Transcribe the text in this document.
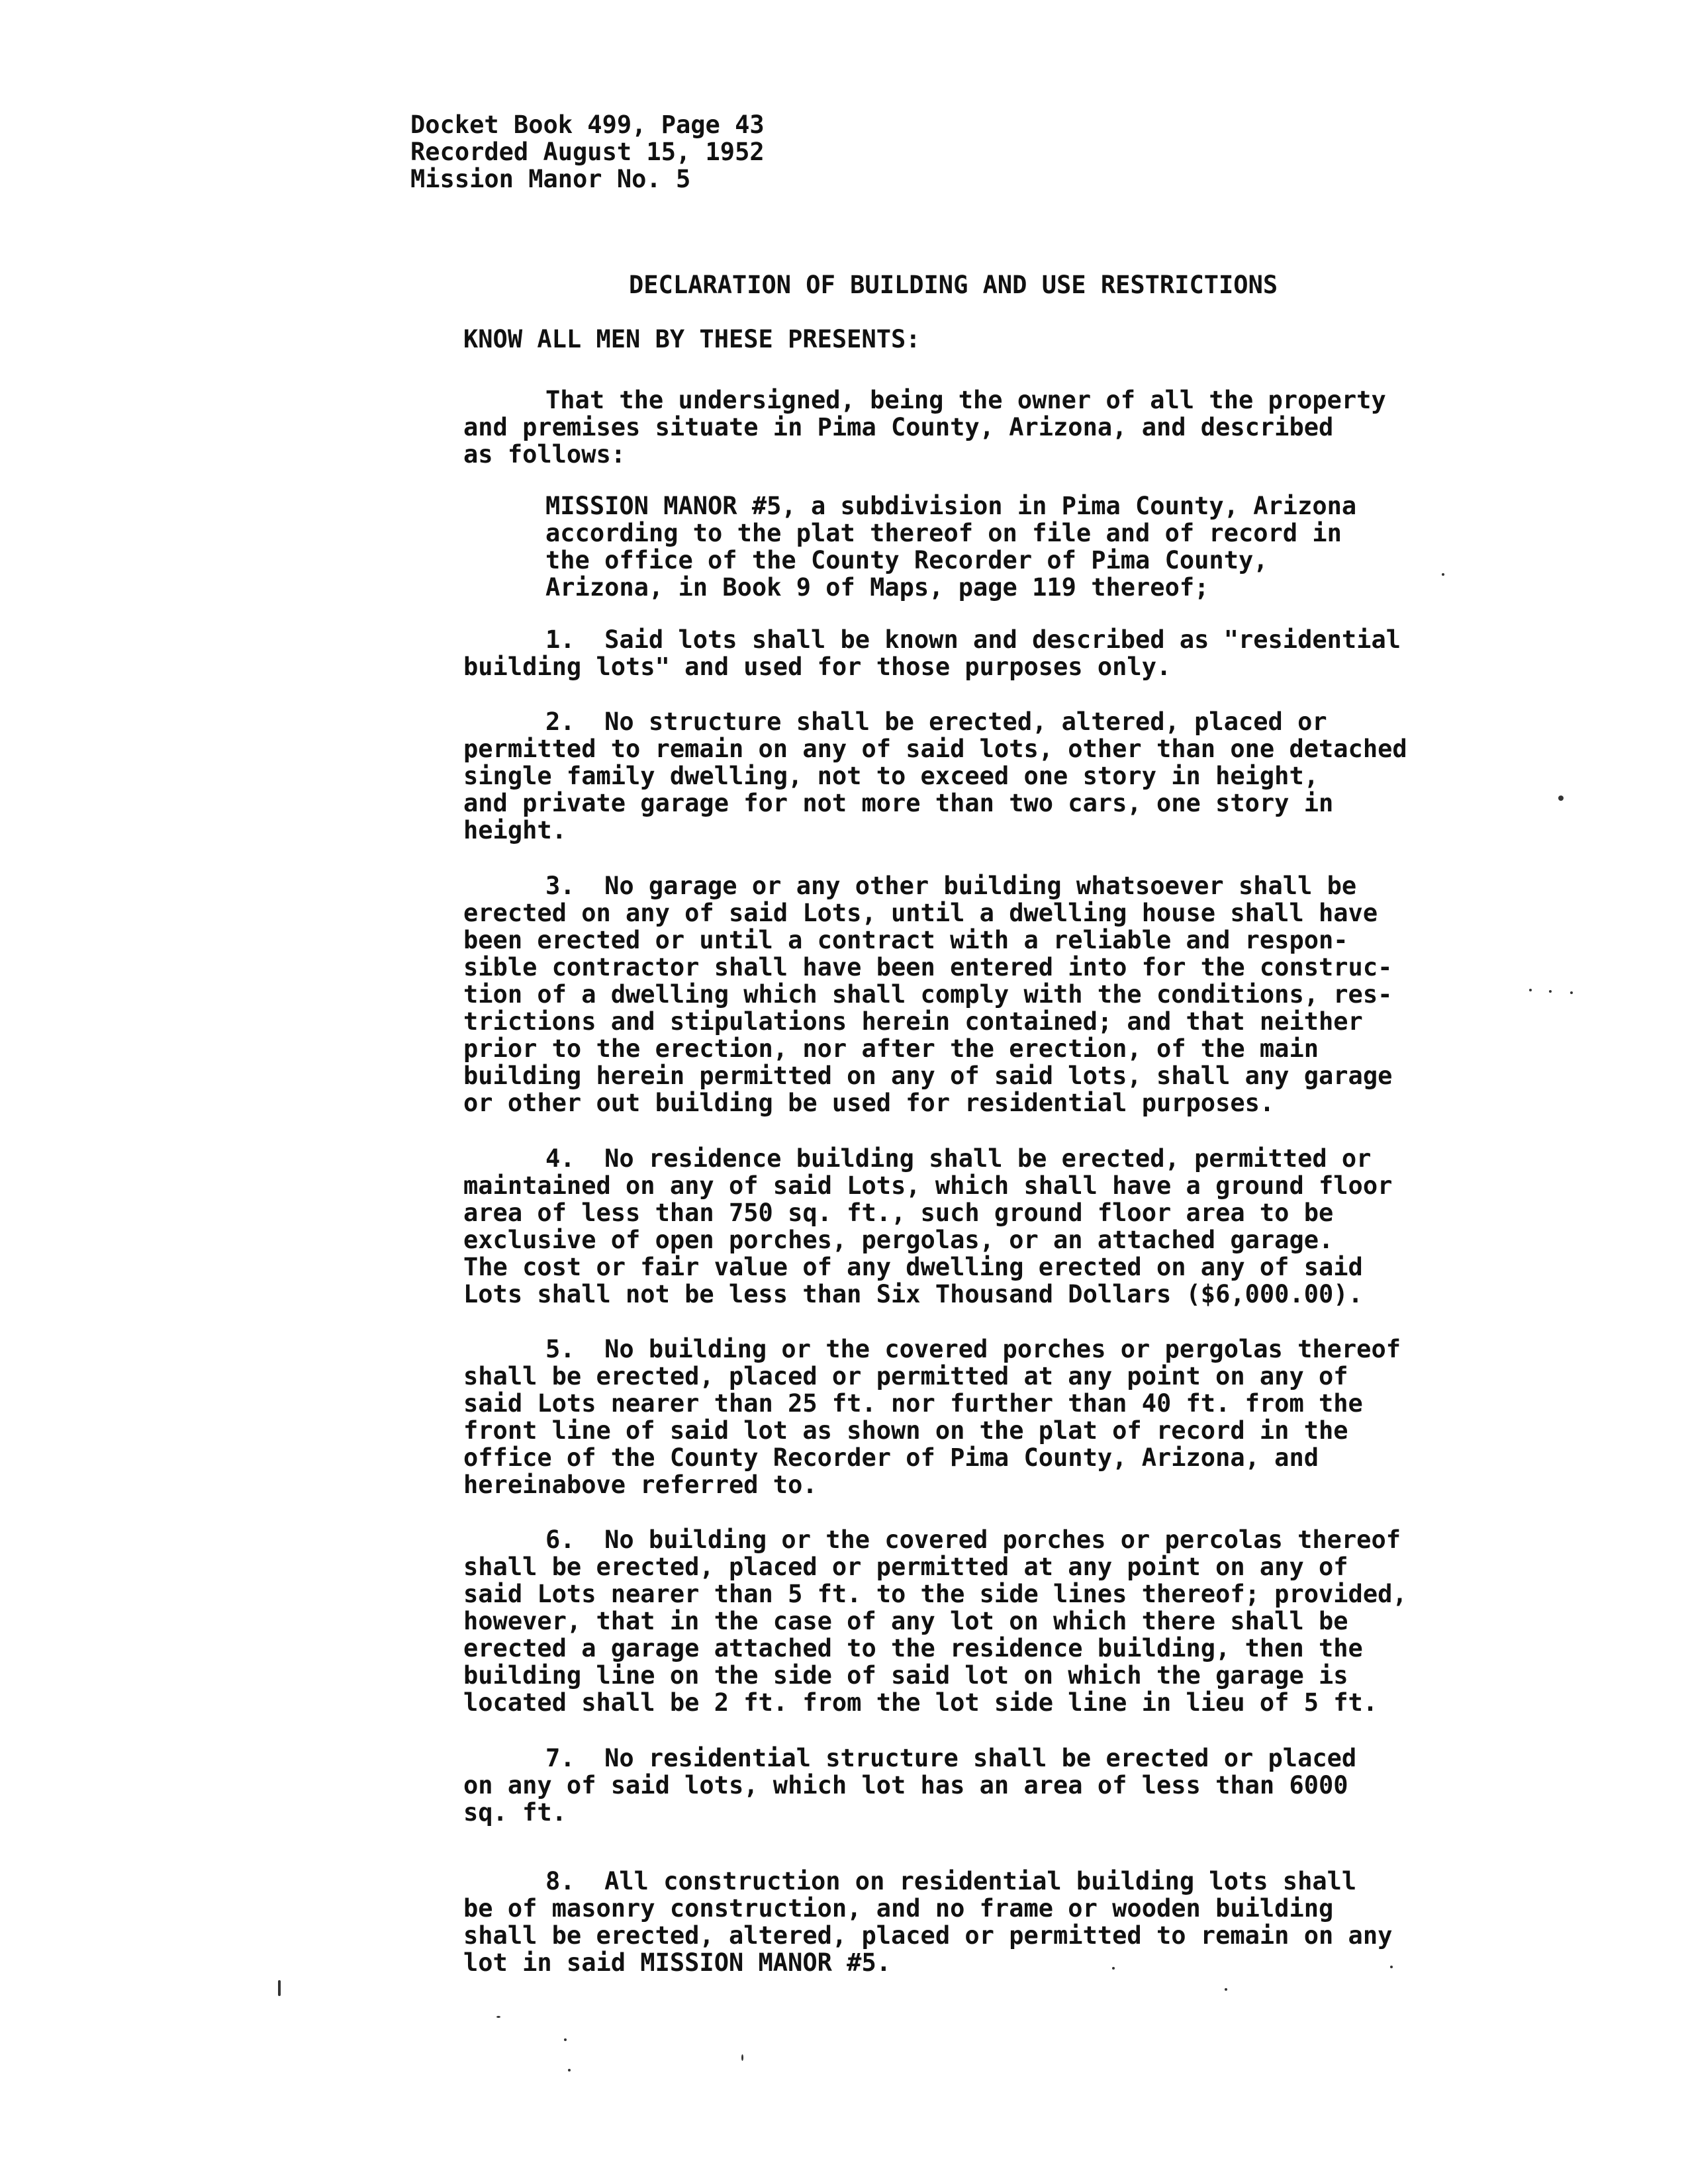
Docket Book 499, Page 43
Recorded August 15, 1952
Mission Manor No. 5
DECLARATION OF BUILDING AND USE RESTRICTIONS
KNOW ALL MEN BY THESE PRESENTS:
That the undersigned, being the owner of all the property
and premises situate in Pima County, Arizona, and described
as follows:
MISSION MANOR #5, a subdivision in Pima County, Arizona
according to the plat thereof on file and of record in
the office of the County Recorder of Pima County,
Arizona, in Book 9 of Maps, page 119 thereof;
1.  Said lots shall be known and described as "residential
building lots" and used for those purposes only.
2.  No structure shall be erected, altered, placed or
permitted to remain on any of said lots, other than one detached
single family dwelling, not to exceed one story in height,
and private garage for not more than two cars, one story in
height.
3.  No garage or any other building whatsoever shall be
erected on any of said Lots, until a dwelling house shall have
been erected or until a contract with a reliable and respon-
sible contractor shall have been entered into for the construc-
tion of a dwelling which shall comply with the conditions, res-
trictions and stipulations herein contained; and that neither
prior to the erection, nor after the erection, of the main
building herein permitted on any of said lots, shall any garage
or other out building be used for residential purposes.
4.  No residence building shall be erected, permitted or
maintained on any of said Lots, which shall have a ground floor
area of less than 750 sq. ft., such ground floor area to be
exclusive of open porches, pergolas, or an attached garage.
The cost or fair value of any dwelling erected on any of said
Lots shall not be less than Six Thousand Dollars ($6,000.00).
5.  No building or the covered porches or pergolas thereof
shall be erected, placed or permitted at any point on any of
said Lots nearer than 25 ft. nor further than 40 ft. from the
front line of said lot as shown on the plat of record in the
office of the County Recorder of Pima County, Arizona, and
hereinabove referred to.
6.  No building or the covered porches or percolas thereof
shall be erected, placed or permitted at any point on any of
said Lots nearer than 5 ft. to the side lines thereof; provided,
however, that in the case of any lot on which there shall be
erected a garage attached to the residence building, then the
building line on the side of said lot on which the garage is
located shall be 2 ft. from the lot side line in lieu of 5 ft.
7.  No residential structure shall be erected or placed
on any of said lots, which lot has an area of less than 6000
sq. ft.
8.  All construction on residential building lots shall
be of masonry construction, and no frame or wooden building
shall be erected, altered, placed or permitted to remain on any
lot in said MISSION MANOR #5.
